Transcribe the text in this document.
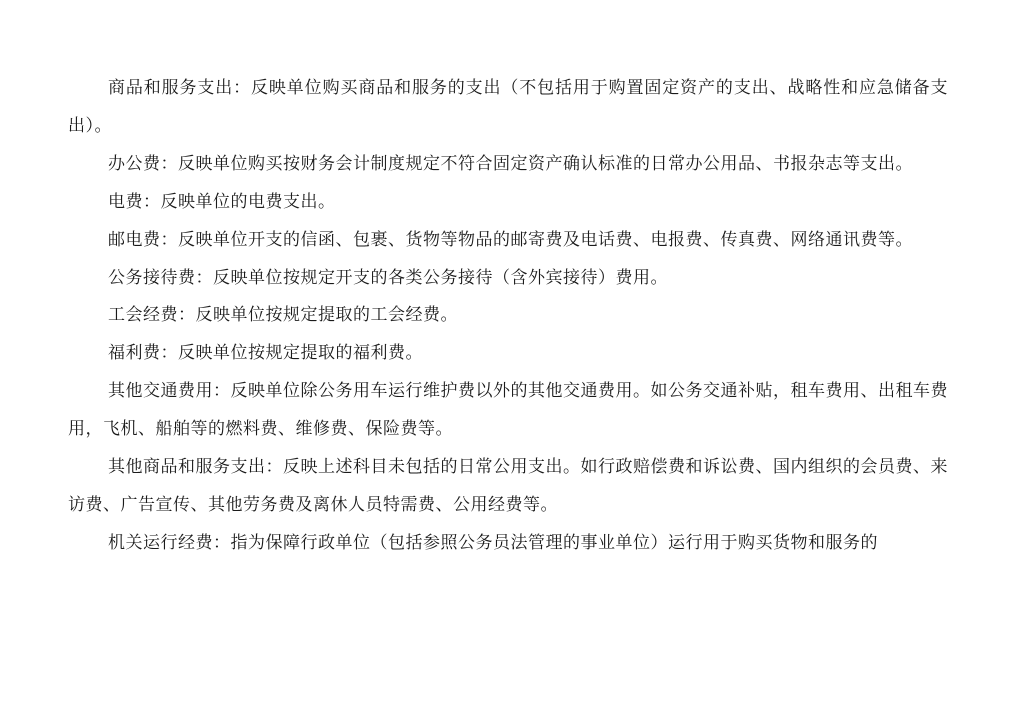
商品和服务支出：反映单位购买商品和服务的支出（不包括用于购置固定资产的支出、战略性和应急储备支出）。

办公费：反映单位购买按财务会计制度规定不符合固定资产确认标准的日常办公用品、书报杂志等支出。

电费：反映单位的电费支出。

邮电费：反映单位开支的信函、包裹、货物等物品的邮寄费及电话费、电报费、传真费、网络通讯费等。

公务接待费：反映单位按规定开支的各类公务接待（含外宾接待）费用。

工会经费：反映单位按规定提取的工会经费。

福利费：反映单位按规定提取的福利费。

其他交通费用：反映单位除公务用车运行维护费以外的其他交通费用。如公务交通补贴，租车费用、出租车费用，飞机、船舶等的燃料费、维修费、保险费等。

其他商品和服务支出：反映上述科目未包括的日常公用支出。如行政赔偿费和诉讼费、国内组织的会员费、来访费、广告宣传、其他劳务费及离休人员特需费、公用经费等。

机关运行经费：指为保障行政单位（包括参照公务员法管理的事业单位）运行用于购买货物和服务的
